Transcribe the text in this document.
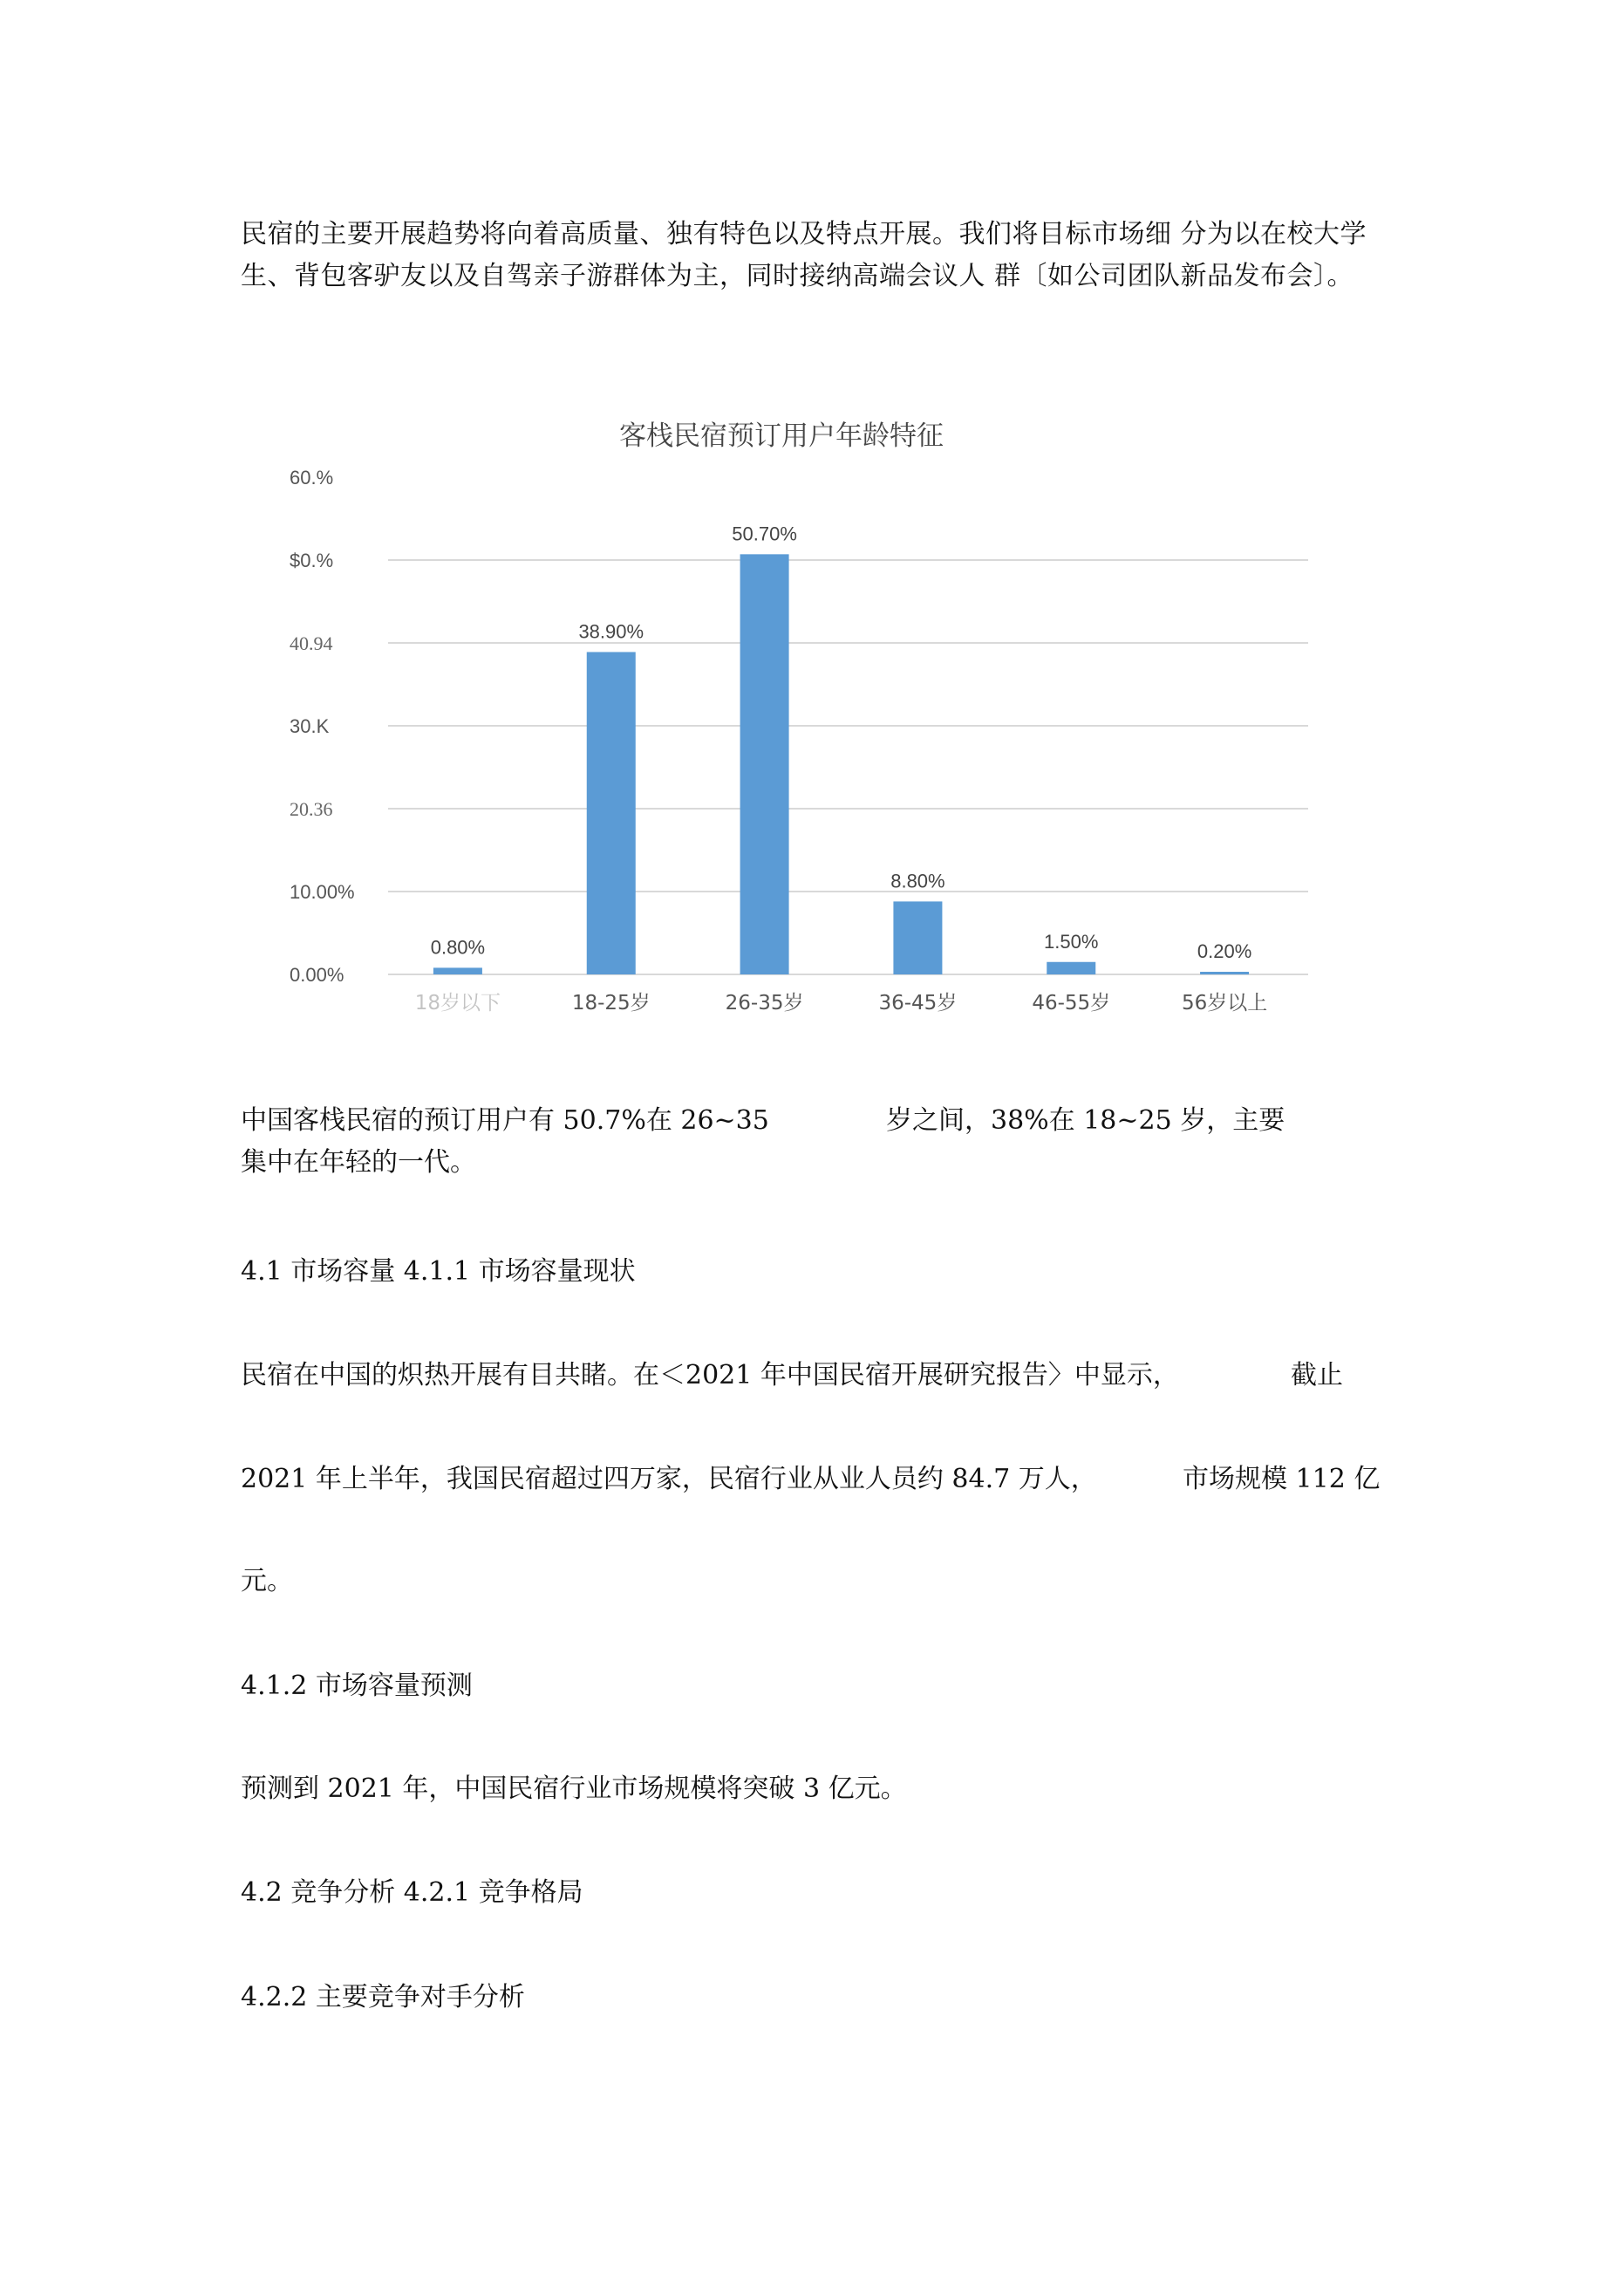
民宿的主要开展趋势将向着高质量、独有特色以及特点开展。我们将目标市场细 分为以在校大学生、背包客驴友以及自驾亲子游群体为主，同时接纳高端会议人 群〔如公司团队新品发布会〕。

客栈民宿预订用户年龄特征
0.00%
10.00%
20.36
30.K
40.94
$0.%
60.%
0.80%
38.90%
50.70%
8.80%
1.50%	0.20%
18岁以下	18-25岁	26-35岁	36-45岁	46-55岁	56岁以上

中国客栈民宿的预订用户有 50.7%在 26~35	岁之间，38%在 18~25 岁，主要

集中在年轻的一代。

4.1 市场容量 4.1.1 市场容量现状

民宿在中国的炽热开展有目共睹。在＜2021 年中国民宿开展研究报告〉中显示，	截止

2021 年上半年，我国民宿超过四万家，民宿行业从业人员约 84.7 万人，	市场规模 112 亿

元。

4.1.2 市场容量预测

预测到 2021 年，中国民宿行业市场规模将突破 3 亿元。

4.2 竞争分析 4.2.1 竞争格局

4.2.2 主要竞争对手分析
